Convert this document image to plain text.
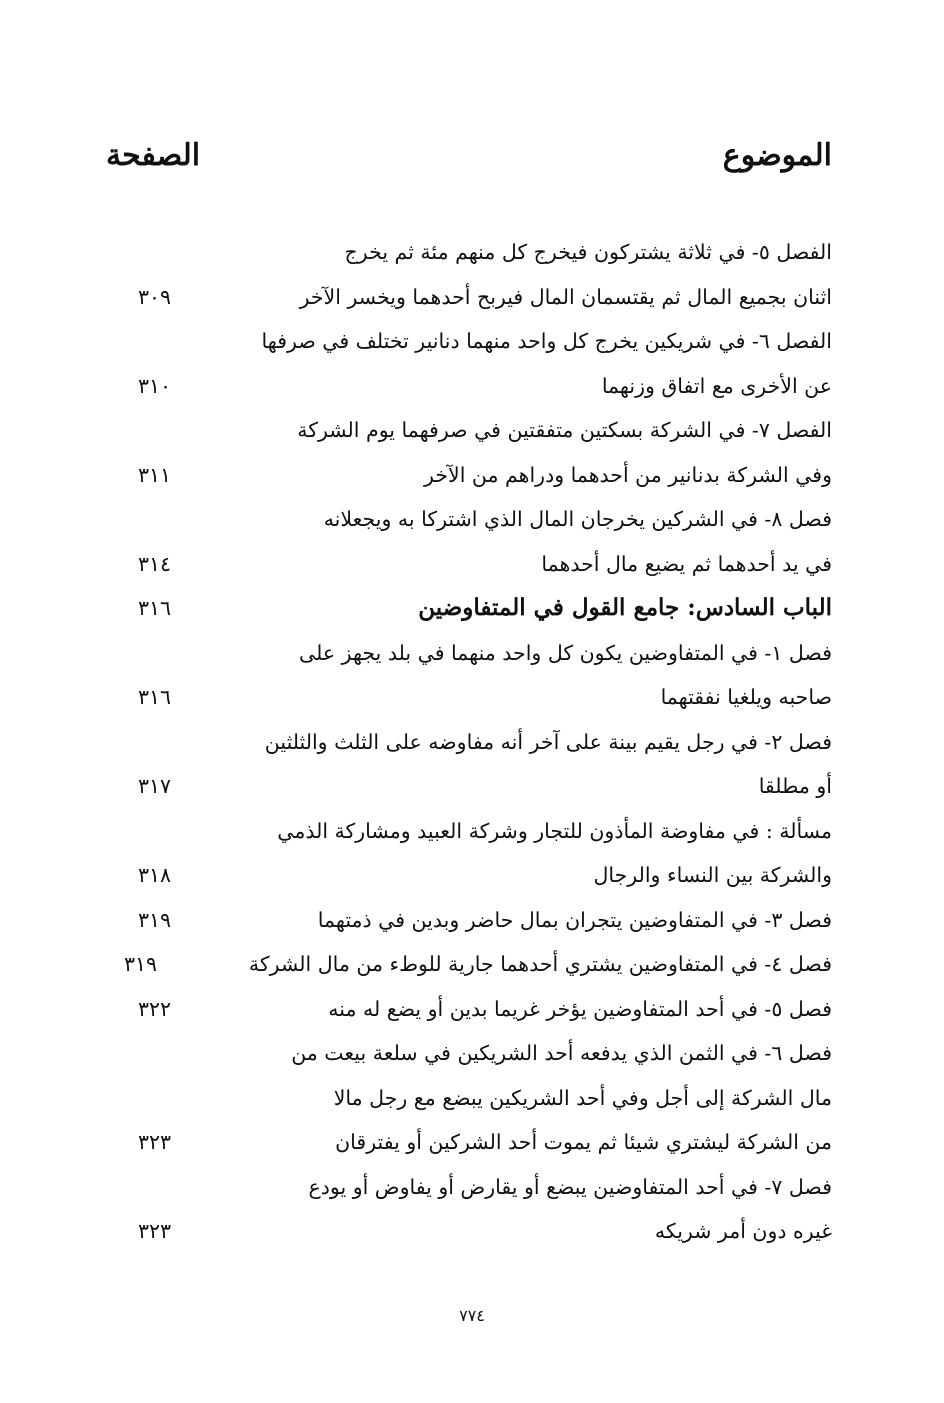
الموضوع
الصفحة
الفصل ٥- في ثلاثة يشتركون فيخرج كل منهم مئة ثم يخرج
اثنان بجميع المال ثم يقتسمان المال فيربح أحدهما ويخسر الآخر
٣٠٩
الفصل ٦- في شريكين يخرج كل واحد منهما دنانير تختلف في صرفها
عن الأخرى مع اتفاق وزنهما
٣١٠
الفصل ٧- في الشركة بسكتين متفقتين في صرفهما يوم الشركة
وفي الشركة بدنانير من أحدهما ودراهم من الآخر
٣١١
فصل ٨- في الشركين يخرجان المال الذي اشتركا به ويجعلانه
في يد أحدهما ثم يضيع مال أحدهما
٣١٤
الباب السادس: جامع القول في المتفاوضين
٣١٦
فصل ١- في المتفاوضين يكون كل واحد منهما في بلد يجهز على
صاحبه ويلغيا نفقتهما
٣١٦
فصل ٢- في رجل يقيم بينة على آخر أنه مفاوضه على الثلث والثلثين
أو مطلقا
٣١٧
مسألة : في مفاوضة المأذون للتجار وشركة العبيد ومشاركة الذمي
والشركة بين النساء والرجال
٣١٨
فصل ٣- في المتفاوضين يتجران بمال حاضر وبدين في ذمتهما
٣١٩
فصل ٤- في المتفاوضين يشتري أحدهما جارية للوطء من مال الشركة
٣١٩
فصل ٥- في أحد المتفاوضين يؤخر غريما بدين أو يضع له منه
٣٢٢
فصل ٦- في الثمن الذي يدفعه أحد الشريكين في سلعة بيعت من
مال الشركة إلى أجل وفي أحد الشريكين يبضع مع رجل مالا
من الشركة ليشتري شيئا ثم يموت أحد الشركين أو يفترقان
٣٢٣
فصل ٧- في أحد المتفاوضين يبضع أو يقارض أو يفاوض أو يودع
غيره دون أمر شريكه
٣٢٣
٧٧٤
